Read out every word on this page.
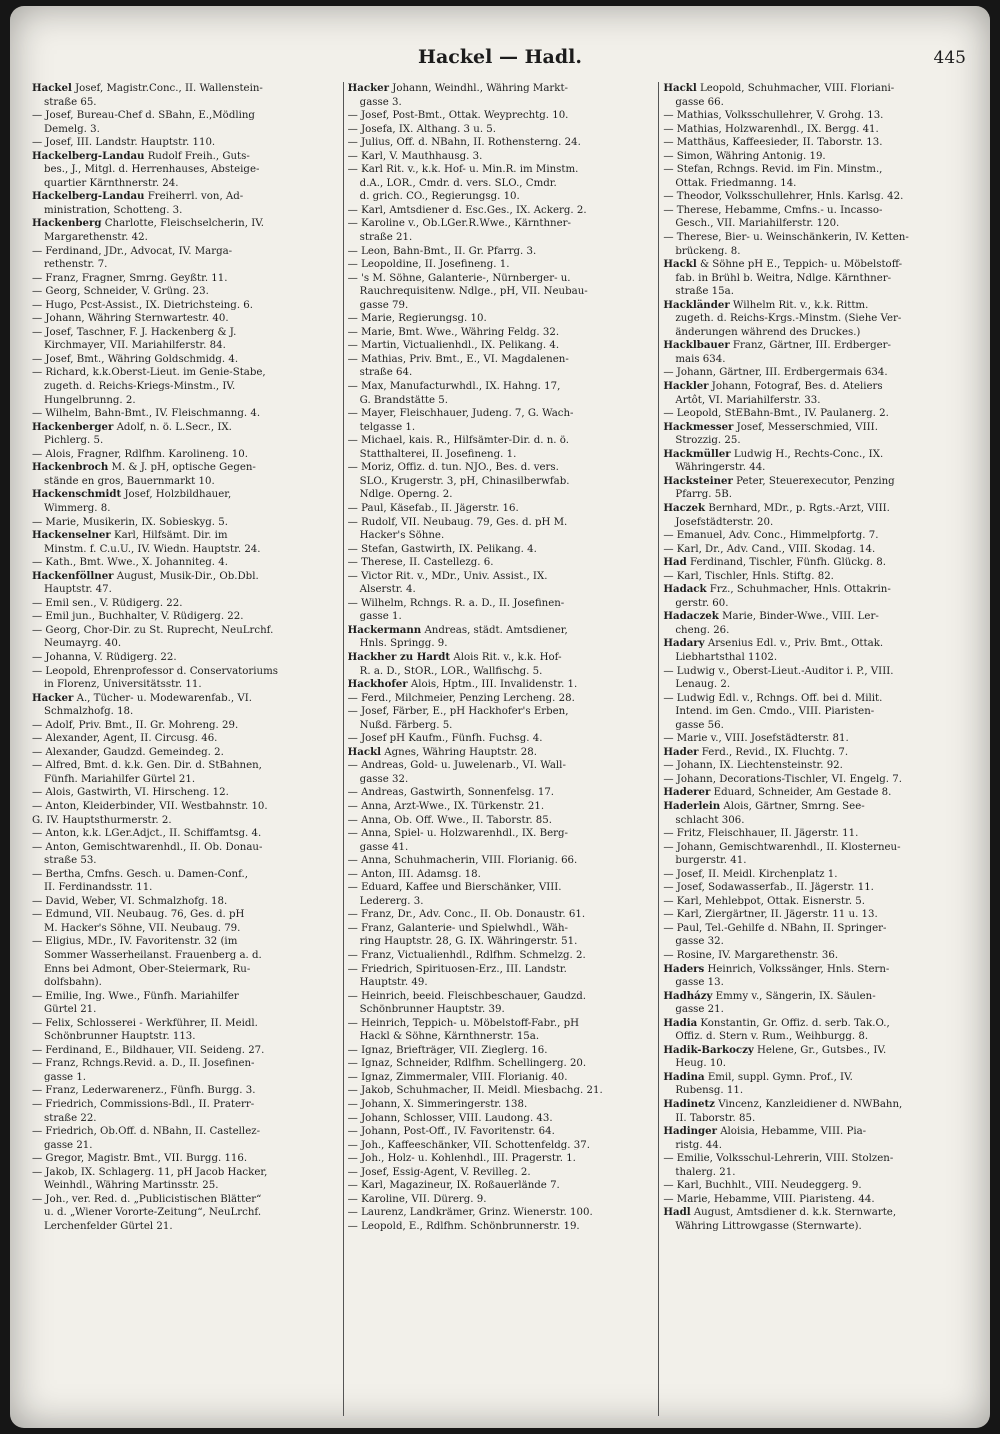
Hackel — Hadl.	445
Hackel Josef, Magistr.Conc., II. Wallenstein-
straße 65.
— Josef, Bureau-Chef d. SBahn, E.,Mödling
Demelg. 3.
— Josef, III. Landstr. Hauptstr. 110.
Hackelberg-Landau Rudolf Freih., Guts-
bes., J., Mitgl. d. Herrenhauses, Absteige-
quartier Kärnthnerstr. 24.
Hackelberg-Landau Freiherrl. von, Ad-
ministration, Schotteng. 3.
Hackenberg Charlotte, Fleischselcherin, IV.
Margarethenstr. 42.
— Ferdinand, JDr., Advocat, IV. Marga-
rethenstr. 7.
— Franz, Fragner, Smrng. Geyßtr. 11.
— Georg, Schneider, V. Grüng. 23.
— Hugo, Pcst-Assist., IX. Dietrichsteing. 6.
— Johann, Währing Sternwartestr. 40.
— Josef, Taschner, F. J. Hackenberg & J.
Kirchmayer, VII. Mariahilferstr. 84.
— Josef, Bmt., Währing Goldschmidg. 4.
— Richard, k.k.Oberst-Lieut. im Genie-Stabe,
zugeth. d. Reichs-Kriegs-Minstm., IV.
Hungelbrunng. 2.
— Wilhelm, Bahn-Bmt., IV. Fleischmanng. 4.
Hackenberger Adolf, n. ö. L.Secr., IX.
Pichlerg. 5.
— Alois, Fragner, Rdlfhm. Karolineng. 10.
Hackenbroch M. & J. pH, optische Gegen-
stände en gros, Bauernmarkt 10.
Hackenschmidt Josef, Holzbildhauer,
Wimmerg. 8.
— Marie, Musikerin, IX. Sobieskyg. 5.
Hackenselner Karl, Hilfsämt. Dir. im
Minstm. f. C.u.U., IV. Wiedn. Hauptstr. 24.
— Kath., Bmt. Wwe., X. Johanniteg. 4.
Hackenföllner August, Musik-Dir., Ob.Dbl.
Hauptstr. 47.
— Emil sen., V. Rüdigerg. 22.
— Emil jun., Buchhalter, V. Rüdigerg. 22.
— Georg, Chor-Dir. zu St. Ruprecht, NeuLrchf.
Neumayrg. 40.
— Johanna, V. Rüdigerg. 22.
— Leopold, Ehrenprofessor d. Conservatoriums
in Florenz, Universitätsstr. 11.
Hacker A., Tücher- u. Modewarenfab., VI.
Schmalzhofg. 18.
— Adolf, Priv. Bmt., II. Gr. Mohreng. 29.
— Alexander, Agent, II. Circusg. 46.
— Alexander, Gaudzd. Gemeindeg. 2.
— Alfred, Bmt. d. k.k. Gen. Dir. d. StBahnen,
Fünfh. Mariahilfer Gürtel 21.
— Alois, Gastwirth, VI. Hirscheng. 12.
— Anton, Kleiderbinder, VII. Westbahnstr. 10.
G. IV. Hauptsthurmerstr. 2.
— Anton, k.k. LGer.Adjct., II. Schiffamtsg. 4.
— Anton, Gemischtwarenhdl., II. Ob. Donau-
straße 53.
— Bertha, Cmfns. Gesch. u. Damen-Conf.,
II. Ferdinandsstr. 11.
— David, Weber, VI. Schmalzhofg. 18.
— Edmund, VII. Neubaug. 76, Ges. d. pH
M. Hacker's Söhne, VII. Neubaug. 79.
— Eligius, MDr., IV. Favoritenstr. 32 (im
Sommer Wasserheilanst. Frauenberg a. d.
Enns bei Admont, Ober-Steiermark, Ru-
dolfsbahn).
— Emilie, Ing. Wwe., Fünfh. Mariahilfer
Gürtel 21.
— Felix, Schlosserei - Werkführer, II. Meidl.
Schönbrunner Hauptstr. 113.
— Ferdinand, E., Bildhauer, VII. Seideng. 27.
— Franz, Rchngs.Revid. a. D., II. Josefinen-
gasse 1.
— Franz, Lederwarenerz., Fünfh. Burgg. 3.
— Friedrich, Commissions-Bdl., II. Praterr-
straße 22.
— Friedrich, Ob.Off. d. NBahn, II. Castellez-
gasse 21.
— Gregor, Magistr. Bmt., VII. Burgg. 116.
— Jakob, IX. Schlagerg. 11, pH Jacob Hacker,
Weinhdl., Währing Martinsstr. 25.
— Joh., ver. Red. d. „Publicistischen Blätter“
u. d. „Wiener Vororte-Zeitung“, NeuLrchf.
Lerchenfelder Gürtel 21.
Hacker Johann, Weindhl., Währing Markt-
gasse 3.
— Josef, Post-Bmt., Ottak. Weyprechtg. 10.
— Josefa, IX. Althang. 3 u. 5.
— Julius, Off. d. NBahn, II. Rothensterng. 24.
— Karl, V. Mauthhausg. 3.
— Karl Rit. v., k.k. Hof- u. Min.R. im Minstm.
d.A., LOR., Cmdr. d. vers. SLO., Cmdr.
d. grich. CO., Regierungsg. 10.
— Karl, Amtsdiener d. Esc.Ges., IX. Ackerg. 2.
— Karoline v., Ob.LGer.R.Wwe., Kärnthner-
straße 21.
— Leon, Bahn-Bmt., II. Gr. Pfarrg. 3.
— Leopoldine, II. Josefineng. 1.
— 's M. Söhne, Galanterie-, Nürnberger- u.
Rauchrequisitenw. Ndlge., pH, VII. Neubau-
gasse 79.
— Marie, Regierungsg. 10.
— Marie, Bmt. Wwe., Währing Feldg. 32.
— Martin, Victualienhdl., IX. Pelikang. 4.
— Mathias, Priv. Bmt., E., VI. Magdalenen-
straße 64.
— Max, Manufacturwhdl., IX. Hahng. 17,
G. Brandstätte 5.
— Mayer, Fleischhauer, Judeng. 7, G. Wach-
telgasse 1.
— Michael, kais. R., Hilfsämter-Dir. d. n. ö.
Statthalterei, II. Josefineng. 1.
— Moriz, Offiz. d. tun. NJO., Bes. d. vers.
SLO., Krugerstr. 3, pH, Chinasilberwfab.
Ndlge. Operng. 2.
— Paul, Käsefab., II. Jägerstr. 16.
— Rudolf, VII. Neubaug. 79, Ges. d. pH M.
Hacker's Söhne.
— Stefan, Gastwirth, IX. Pelikang. 4.
— Therese, II. Castellezg. 6.
— Victor Rit. v., MDr., Univ. Assist., IX.
Alserstr. 4.
— Wilhelm, Rchngs. R. a. D., II. Josefinen-
gasse 1.
Hackermann Andreas, städt. Amtsdiener,
Hnls. Springg. 9.
Hackher zu Hardt Alois Rit. v., k.k. Hof-
R. a. D., StOR., LOR., Wallfischg. 5.
Hackhofer Alois, Hptm., III. Invalidenstr. 1.
— Ferd., Milchmeier, Penzing Lercheng. 28.
— Josef, Färber, E., pH Hackhofer's Erben,
Nußd. Färberg. 5.
— Josef pH Kaufm., Fünfh. Fuchsg. 4.
Hackl Agnes, Währing Hauptstr. 28.
— Andreas, Gold- u. Juwelenarb., VI. Wall-
gasse 32.
— Andreas, Gastwirth, Sonnenfelsg. 17.
— Anna, Arzt-Wwe., IX. Türkenstr. 21.
— Anna, Ob. Off. Wwe., II. Taborstr. 85.
— Anna, Spiel- u. Holzwarenhdl., IX. Berg-
gasse 41.
— Anna, Schuhmacherin, VIII. Florianig. 66.
— Anton, III. Adamsg. 18.
— Eduard, Kaffee und Bierschänker, VIII.
Ledererg. 3.
— Franz, Dr., Adv. Conc., II. Ob. Donaustr. 61.
— Franz, Galanterie- und Spielwhdl., Wäh-
ring Hauptstr. 28, G. IX. Währingerstr. 51.
— Franz, Victualienhdl., Rdlfhm. Schmelzg. 2.
— Friedrich, Spirituosen-Erz., III. Landstr.
Hauptstr. 49.
— Heinrich, beeid. Fleischbeschauer, Gaudzd.
Schönbrunner Hauptstr. 39.
— Heinrich, Teppich- u. Möbelstoff-Fabr., pH
Hackl & Söhne, Kärnthnerstr. 15a.
— Ignaz, Briefträger, VII. Zieglerg. 16.
— Ignaz, Schneider, Rdlfhm. Schellingerg. 20.
— Ignaz, Zimmermaler, VIII. Florianig. 40.
— Jakob, Schuhmacher, II. Meidl. Miesbachg. 21.
— Johann, X. Simmeringerstr. 138.
— Johann, Schlosser, VIII. Laudong. 43.
— Johann, Post-Off., IV. Favoritenstr. 64.
— Joh., Kaffeeschänker, VII. Schottenfeldg. 37.
— Joh., Holz- u. Kohlenhdl., III. Pragerstr. 1.
— Josef, Essig-Agent, V. Revilleg. 2.
— Karl, Magazineur, IX. Roßauerlände 7.
— Karoline, VII. Dürerg. 9.
— Laurenz, Landkrämer, Grinz. Wienerstr. 100.
— Leopold, E., Rdlfhm. Schönbrunnerstr. 19.
Hackl Leopold, Schuhmacher, VIII. Floriani-
gasse 66.
— Mathias, Volksschullehrer, V. Grohg. 13.
— Mathias, Holzwarenhdl., IX. Bergg. 41.
— Matthäus, Kaffeesieder, II. Taborstr. 13.
— Simon, Währing Antonig. 19.
— Stefan, Rchngs. Revid. im Fin. Minstm.,
Ottak. Friedmanng. 14.
— Theodor, Volksschullehrer, Hnls. Karlsg. 42.
— Therese, Hebamme, Cmfns.- u. Incasso-
Gesch., VII. Mariahilferstr. 120.
— Therese, Bier- u. Weinschänkerin, IV. Ketten-
brückeng. 8.
Hackl & Söhne pH E., Teppich- u. Möbelstoff-
fab. in Brühl b. Weitra, Ndlge. Kärnthner-
straße 15a.
Hackländer Wilhelm Rit. v., k.k. Rittm.
zugeth. d. Reichs-Krgs.-Minstm. (Siehe Ver-
änderungen während des Druckes.)
Hacklbauer Franz, Gärtner, III. Erdberger-
mais 634.
— Johann, Gärtner, III. Erdbergermais 634.
Hackler Johann, Fotograf, Bes. d. Ateliers
Artôt, VI. Mariahilferstr. 33.
— Leopold, StEBahn-Bmt., IV. Paulanerg. 2.
Hackmesser Josef, Messerschmied, VIII.
Strozzig. 25.
Hackmüller Ludwig H., Rechts-Conc., IX.
Währingerstr. 44.
Hacksteiner Peter, Steuerexecutor, Penzing
Pfarrg. 5B.
Haczek Bernhard, MDr., p. Rgts.-Arzt, VIII.
Josefstädterstr. 20.
— Emanuel, Adv. Conc., Himmelpfortg. 7.
— Karl, Dr., Adv. Cand., VIII. Skodag. 14.
Had Ferdinand, Tischler, Fünfh. Glückg. 8.
— Karl, Tischler, Hnls. Stiftg. 82.
Hadack Frz., Schuhmacher, Hnls. Ottakrin-
gerstr. 60.
Hadaczek Marie, Binder-Wwe., VIII. Ler-
cheng. 26.
Hadary Arsenius Edl. v., Priv. Bmt., Ottak.
Liebhartsthal 1102.
— Ludwig v., Oberst-Lieut.-Auditor i. P., VIII.
Lenaug. 2.
— Ludwig Edl. v., Rchngs. Off. bei d. Milit.
Intend. im Gen. Cmdo., VIII. Piaristen-
gasse 56.
— Marie v., VIII. Josefstädterstr. 81.
Hader Ferd., Revid., IX. Fluchtg. 7.
— Johann, IX. Liechtensteinstr. 92.
— Johann, Decorations-Tischler, VI. Engelg. 7.
Haderer Eduard, Schneider, Am Gestade 8.
Haderlein Alois, Gärtner, Smrng. See-
schlacht 306.
— Fritz, Fleischhauer, II. Jägerstr. 11.
— Johann, Gemischtwarenhdl., II. Klosterneu-
burgerstr. 41.
— Josef, II. Meidl. Kirchenplatz 1.
— Josef, Sodawasserfab., II. Jägerstr. 11.
— Karl, Mehlebpot, Ottak. Eisnerstr. 5.
— Karl, Ziergärtner, II. Jägerstr. 11 u. 13.
— Paul, Tel.-Gehilfe d. NBahn, II. Springer-
gasse 32.
— Rosine, IV. Margarethenstr. 36.
Haders Heinrich, Volkssänger, Hnls. Stern-
gasse 13.
Hadházy Emmy v., Sängerin, IX. Säulen-
gasse 21.
Hadia Konstantin, Gr. Offiz. d. serb. Tak.O.,
Offiz. d. Stern v. Rum., Weihburgg. 8.
Hadik-Barkoczy Helene, Gr., Gutsbes., IV.
Heug. 10.
Hadina Emil, suppl. Gymn. Prof., IV.
Rubensg. 11.
Hadinetz Vincenz, Kanzleidiener d. NWBahn,
II. Taborstr. 85.
Hadinger Aloisia, Hebamme, VIII. Pia-
ristg. 44.
— Emilie, Volksschul-Lehrerin, VIII. Stolzen-
thalerg. 21.
— Karl, Buchhlt., VIII. Neudeggerg. 9.
— Marie, Hebamme, VIII. Piaristeng. 44.
Hadl August, Amtsdiener d. k.k. Sternwarte,
Währing Littrowgasse (Sternwarte).
